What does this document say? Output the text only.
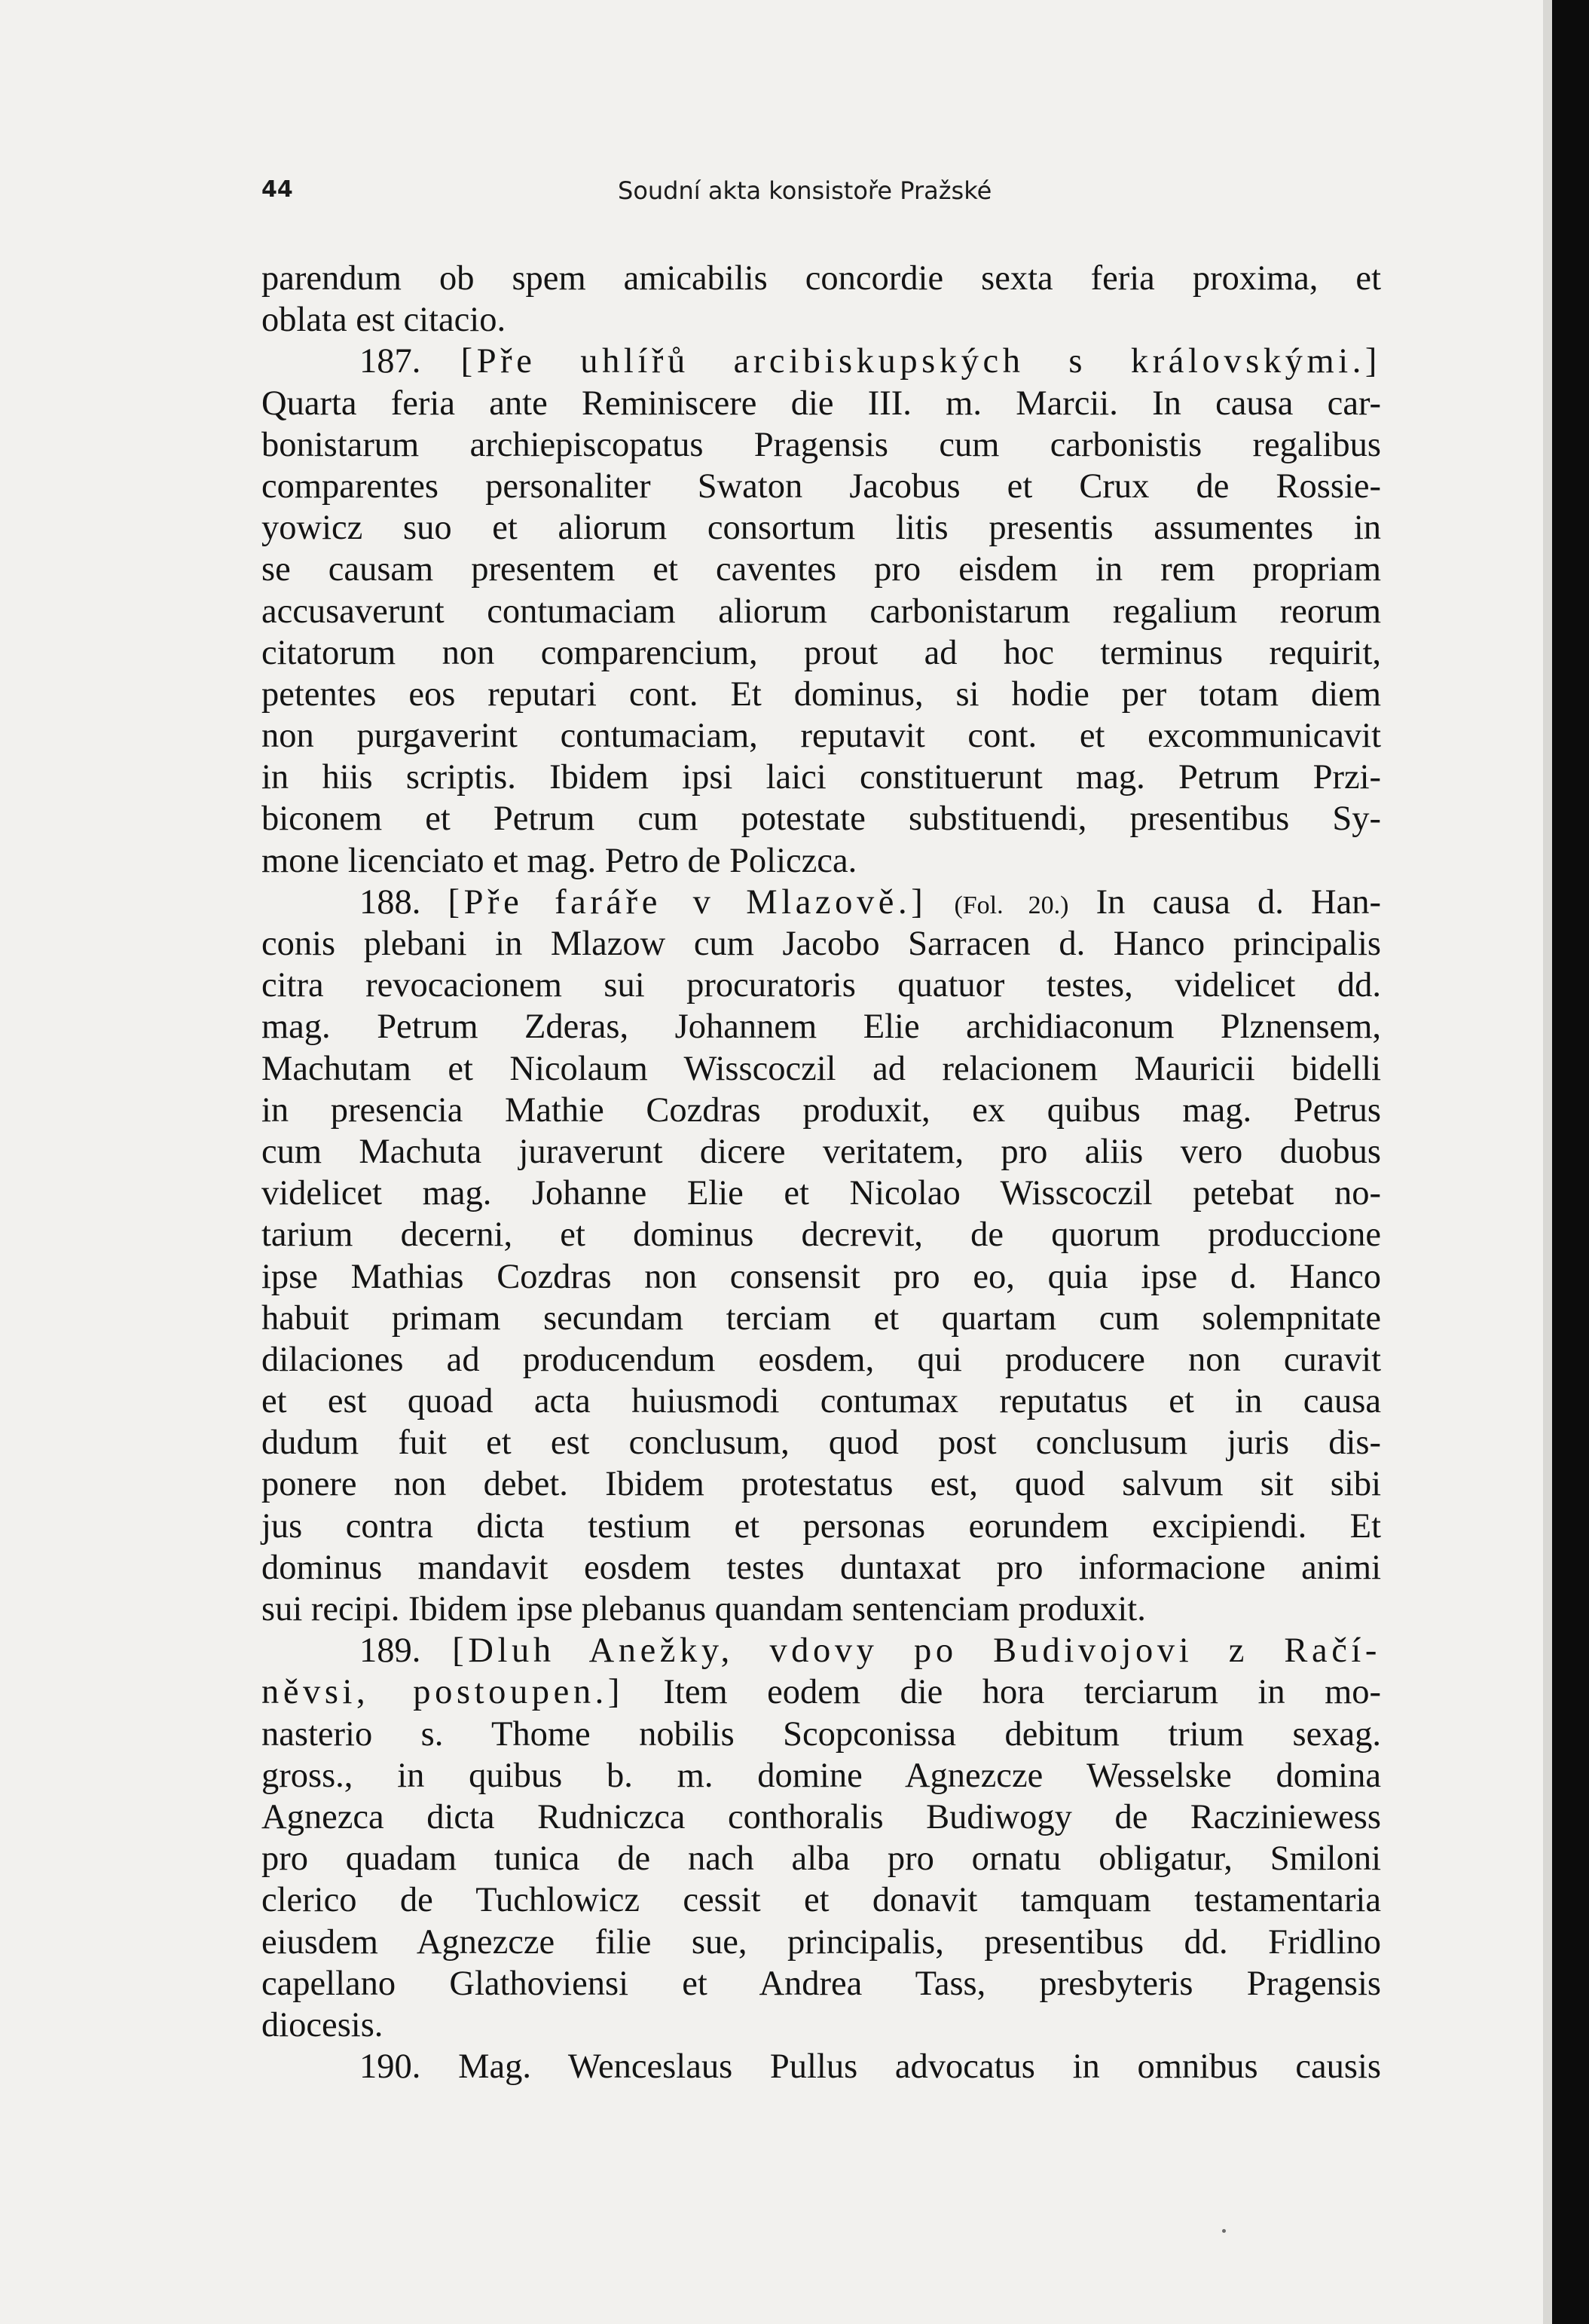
44	Soudní akta konsistoře Pražské
parendum ob spem amicabilis concordie sexta feria proxima, et
oblata est citacio.
187. [Pře uhlířů arcibiskupských s královskými.]
Quarta feria ante Reminiscere die III. m. Marcii. In causa car-
bonistarum archiepiscopatus Pragensis cum carbonistis regalibus
comparentes personaliter Swaton Jacobus et Crux de Rossie-
yowicz suo et aliorum consortum litis presentis assumentes in
se causam presentem et caventes pro eisdem in rem propriam
accusaverunt contumaciam aliorum carbonistarum regalium reorum
citatorum non comparencium, prout ad hoc terminus requirit,
petentes eos reputari cont. Et dominus, si hodie per totam diem
non purgaverint contumaciam, reputavit cont. et excommunicavit
in hiis scriptis. Ibidem ipsi laici constituerunt mag. Petrum Przi-
biconem et Petrum cum potestate substituendi, presentibus Sy-
mone licenciato et mag. Petro de Policzca.
188. [Pře faráře v Mlazově.] (Fol. 20.) In causa d. Han-
conis plebani in Mlazow cum Jacobo Sarracen d. Hanco principalis
citra revocacionem sui procuratoris quatuor testes, videlicet dd.
mag. Petrum Zderas, Johannem Elie archidiaconum Plznensem,
Machutam et Nicolaum Wisscoczil ad relacionem Mauricii bidelli
in presencia Mathie Cozdras produxit, ex quibus mag. Petrus
cum Machuta juraverunt dicere veritatem, pro aliis vero duobus
videlicet mag. Johanne Elie et Nicolao Wisscoczil petebat no-
tarium decerni, et dominus decrevit, de quorum produccione
ipse Mathias Cozdras non consensit pro eo, quia ipse d. Hanco
habuit primam secundam terciam et quartam cum solempnitate
dilaciones ad producendum eosdem, qui producere non curavit
et est quoad acta huiusmodi contumax reputatus et in causa
dudum fuit et est conclusum, quod post conclusum juris dis-
ponere non debet. Ibidem protestatus est, quod salvum sit sibi
jus contra dicta testium et personas eorundem excipiendi. Et
dominus mandavit eosdem testes duntaxat pro informacione animi
sui recipi. Ibidem ipse plebanus quandam sentenciam produxit.
189. [Dluh Anežky, vdovy po Budivojovi z Račí-
něvsi, postoupen.] Item eodem die hora terciarum in mo-
nasterio s. Thome nobilis Scopconissa debitum trium sexag.
gross., in quibus b. m. domine Agnezcze Wesselske domina
Agnezca dicta Rudniczca conthoralis Budiwogy de Racziniewess
pro quadam tunica de nach alba pro ornatu obligatur, Smiloni
clerico de Tuchlowicz cessit et donavit tamquam testamentaria
eiusdem Agnezcze filie sue, principalis, presentibus dd. Fridlino
capellano Glathoviensi et Andrea Tass, presbyteris Pragensis
diocesis.
190. Mag. Wenceslaus Pullus advocatus in omnibus causis
